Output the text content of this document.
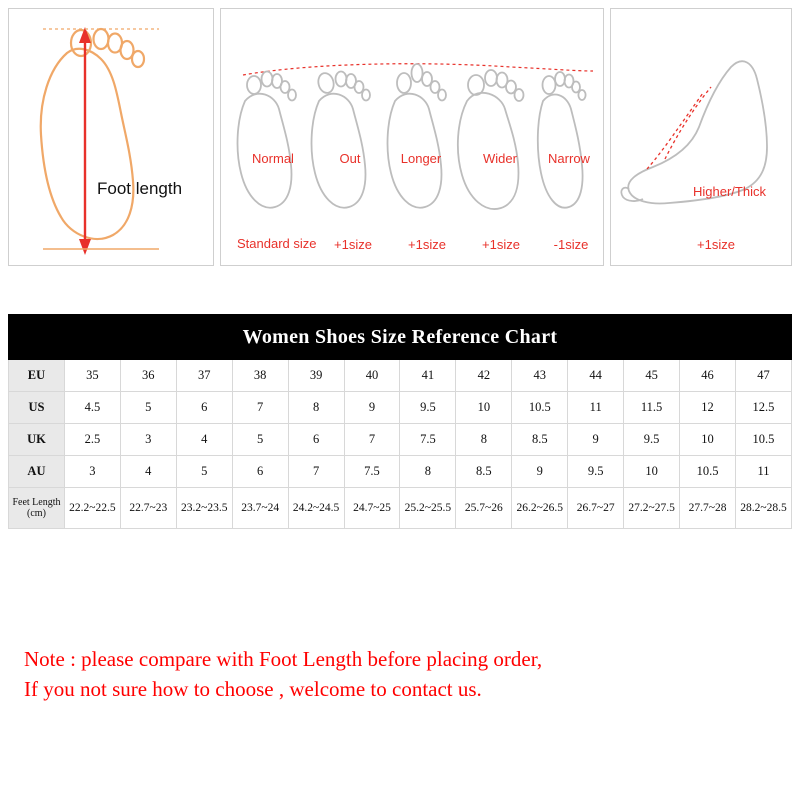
Foot length
Normal	Out	Longer	Wider	Narrow
Standard size	+1size	+1size	+1size	-1size
Higher/Thick
+1size
Women Shoes Size Reference Chart													
EU	35	36	37	38	39	40	41	42	43	44	45	46	47
US	4.5	5	6	7	8	9	9.5	10	10.5	11	11.5	12	12.5
UK	2.5	3	4	5	6	7	7.5	8	8.5	9	9.5	10	10.5
AU	3	4	5	6	7	7.5	8	8.5	9	9.5	10	10.5	11
Feet Length (cm)	22.2~22.5	22.7~23	23.2~23.5	23.7~24	24.2~24.5	24.7~25	25.2~25.5	25.7~26	26.2~26.5	26.7~27	27.2~27.5	27.7~28	28.2~28.5
Note : please compare with Foot Length before placing order,
If you not sure how to choose , welcome to contact us.
